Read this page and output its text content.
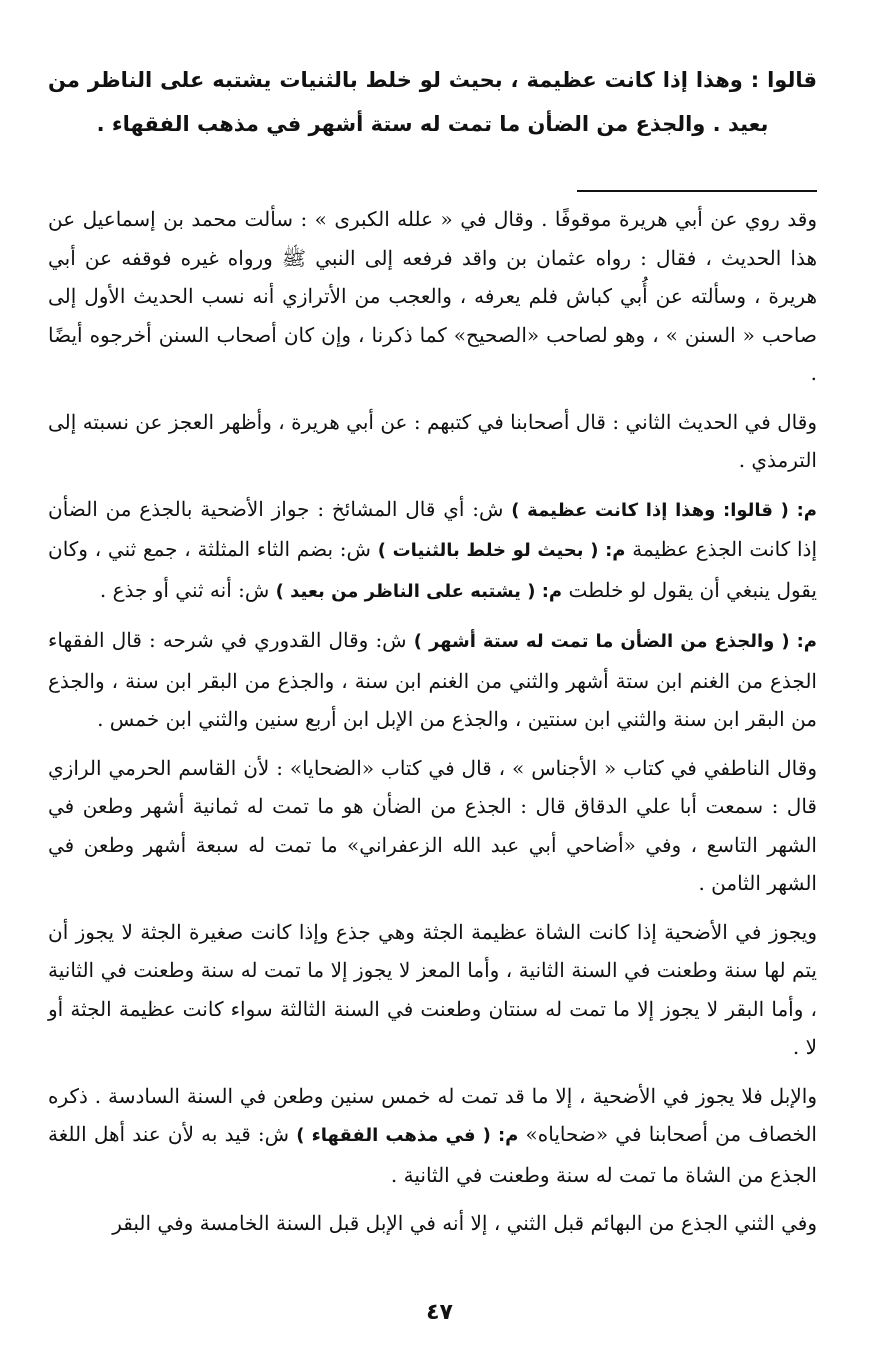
قالوا : وهذا إذا كانت عظيمة ، بحيث لو خلط بالثنيات يشتبه على الناظر من بعيد . والجذع من الضأن ما تمت له ستة أشهر في مذهب الفقهاء .

وقد روي عن أبي هريرة موقوفًا . وقال في « علله الكبرى » : سألت محمد بن إسماعيل عن هذا الحديث ، فقال : رواه عثمان بن واقد فرفعه إلى النبي ﷺ ورواه غيره فوقفه عن أبي هريرة ، وسألته عن أُبي كباش فلم يعرفه ، والعجب من الأترازي أنه نسب الحديث الأول إلى صاحب « السنن » ، وهو لصاحب «الصحيح» كما ذكرنا ، وإن كان أصحاب السنن أخرجوه أيضًا .

وقال في الحديث الثاني : قال أصحابنا في كتبهم : عن أبي هريرة ، وأظهر العجز عن نسبته إلى الترمذي .

م: ( قالوا: وهذا إذا كانت عظيمة ) ش: أي قال المشائخ : جواز الأضحية بالجذع من الضأن إذا كانت الجذع عظيمة م: ( بحيث لو خلط بالثنيات ) ش: بضم الثاء المثلثة ، جمع ثني ، وكان يقول ينبغي أن يقول لو خلطت م: ( يشتبه على الناظر من بعيد ) ش: أنه ثني أو جذع .

م: ( والجذع من الضأن ما تمت له ستة أشهر ) ش: وقال القدوري في شرحه : قال الفقهاء الجذع من الغنم ابن ستة أشهر والثني من الغنم ابن سنة ، والجذع من البقر ابن سنة ، والجذع من البقر ابن سنة والثني ابن سنتين ، والجذع من الإبل ابن أربع سنين والثني ابن خمس .

وقال الناطفي في كتاب « الأجناس » ، قال في كتاب «الضحايا» : لأن القاسم الحرمي الرازي قال : سمعت أبا علي الدقاق قال : الجذع من الضأن هو ما تمت له ثمانية أشهر وطعن في الشهر التاسع ، وفي «أضاحي أبي عبد الله الزعفراني» ما تمت له سبعة أشهر وطعن في الشهر الثامن .

ويجوز في الأضحية إذا كانت الشاة عظيمة الجثة وهي جذع وإذا كانت صغيرة الجثة لا يجوز أن يتم لها سنة وطعنت في السنة الثانية ، وأما المعز لا يجوز إلا ما تمت له سنة وطعنت في الثانية ، وأما البقر لا يجوز إلا ما تمت له سنتان وطعنت في السنة الثالثة سواء كانت عظيمة الجثة أو لا .

والإبل فلا يجوز في الأضحية ، إلا ما قد تمت له خمس سنين وطعن في السنة السادسة . ذكره الخصاف من أصحابنا في «ضحاياه» م: ( في مذهب الفقهاء ) ش: قيد به لأن عند أهل اللغة الجذع من الشاة ما تمت له سنة وطعنت في الثانية .

وفي الثني الجذع من البهائم قبل الثني ، إلا أنه في الإبل قبل السنة الخامسة وفي البقر

٤٧
